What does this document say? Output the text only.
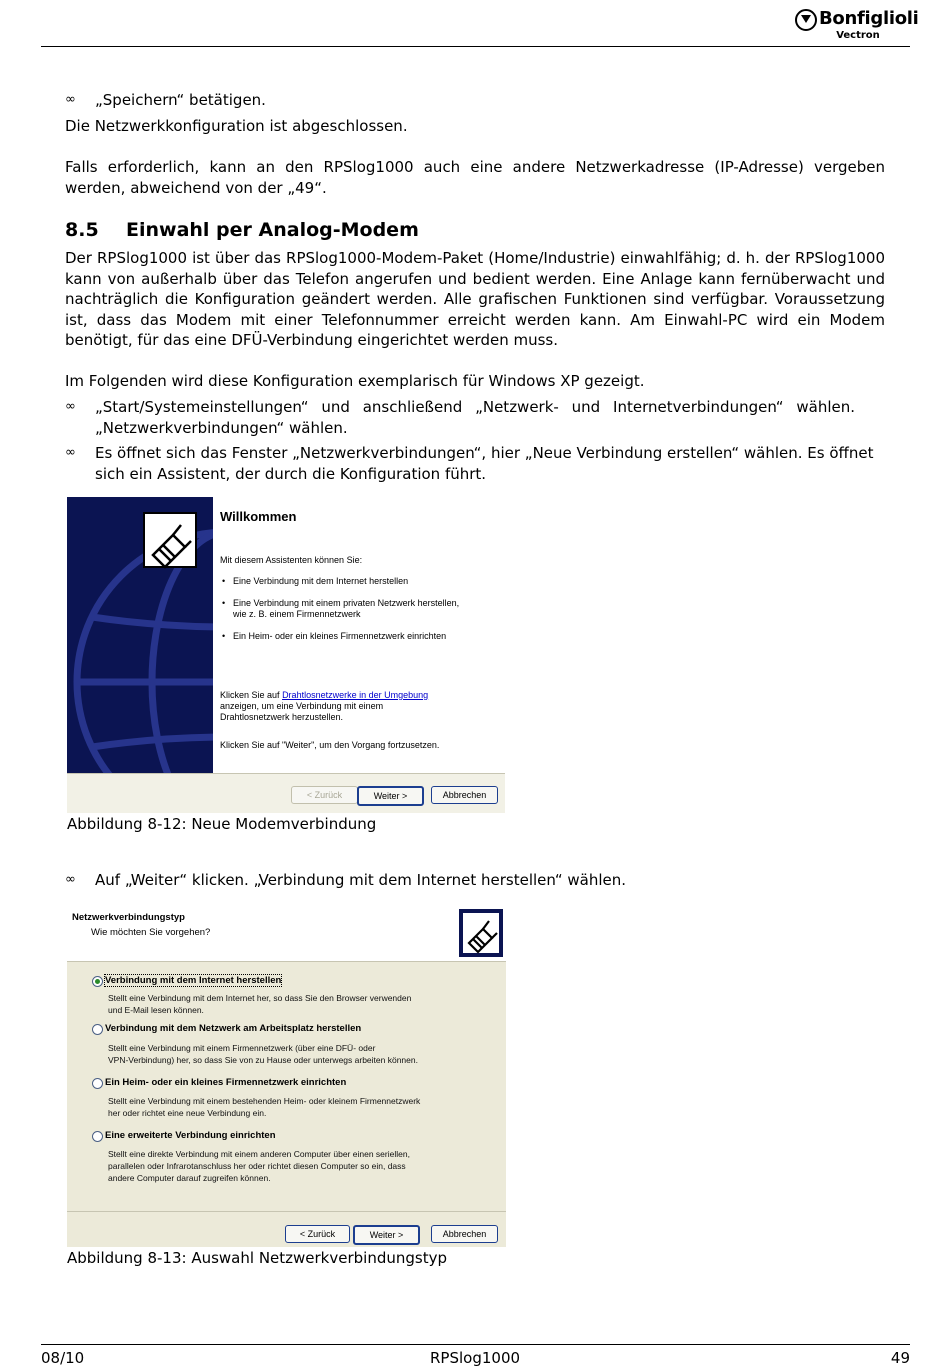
Bonfiglioli
Vectron
∞ „Speichern“ betätigen.
Die Netzwerkkonfiguration ist abgeschlossen.
Falls erforderlich, kann an den RPSlog1000 auch eine andere Netzwerkadresse (IP-Adresse) vergeben werden, abweichend von der „49“.
8.5 Einwahl per Analog-Modem
Der RPSlog1000 ist über das RPSlog1000-Modem-Paket (Home/Industrie) einwahlfähig; d. h. der RPSlog1000 kann von außerhalb über das Telefon angerufen und bedient werden. Eine Anlage kann fernüberwacht und nachträglich die Konfiguration geändert werden. Alle grafischen Funktionen sind verfügbar. Voraussetzung ist, dass das Modem mit einer Telefonnummer erreicht werden kann. Am Einwahl-PC wird ein Modem benötigt, für das eine DFÜ-Verbindung eingerichtet werden muss.
Im Folgenden wird diese Konfiguration exemplarisch für Windows XP gezeigt.
∞ „Start/Systemeinstellungen“ und anschließend „Netzwerk- und Internetverbindungen“ wählen. „Netzwerkverbindungen“ wählen.
∞ Es öffnet sich das Fenster „Netzwerkverbindungen“, hier „Neue Verbindung erstellen“ wählen. Es öffnet sich ein Assistent, der durch die Konfiguration führt.
Willkommen
Mit diesem Assistenten können Sie:
• Eine Verbindung mit dem Internet herstellen
• Eine Verbindung mit einem privaten Netzwerk herstellen,
wie z. B. einem Firmennetzwerk
• Ein Heim- oder ein kleines Firmennetzwerk einrichten
Klicken Sie auf Drahtlosnetzwerke in der Umgebung
anzeigen, um eine Verbindung mit einem
Drahtlosnetzwerk herzustellen.
Klicken Sie auf "Weiter", um den Vorgang fortzusetzen.
< Zurück	Weiter >	Abbrechen
Abbildung 8-12: Neue Modemverbindung
∞ Auf „Weiter“ klicken. „Verbindung mit dem Internet herstellen“ wählen.
Netzwerkverbindungstyp
Wie möchten Sie vorgehen?
Verbindung mit dem Internet herstellen
Stellt eine Verbindung mit dem Internet her, so dass Sie den Browser verwenden
und E-Mail lesen können.
Verbindung mit dem Netzwerk am Arbeitsplatz herstellen
Stellt eine Verbindung mit einem Firmennetzwerk (über eine DFÜ- oder
VPN-Verbindung) her, so dass Sie von zu Hause oder unterwegs arbeiten können.
Ein Heim- oder ein kleines Firmennetzwerk einrichten
Stellt eine Verbindung mit einem bestehenden Heim- oder kleinem Firmennetzwerk
her oder richtet eine neue Verbindung ein.
Eine erweiterte Verbindung einrichten
Stellt eine direkte Verbindung mit einem anderen Computer über einen seriellen,
parallelen oder Infrarotanschluss her oder richtet diesen Computer so ein, dass
andere Computer darauf zugreifen können.
< Zurück	Weiter >	Abbrechen
Abbildung 8-13: Auswahl Netzwerkverbindungstyp
08/10	RPSlog1000	49
